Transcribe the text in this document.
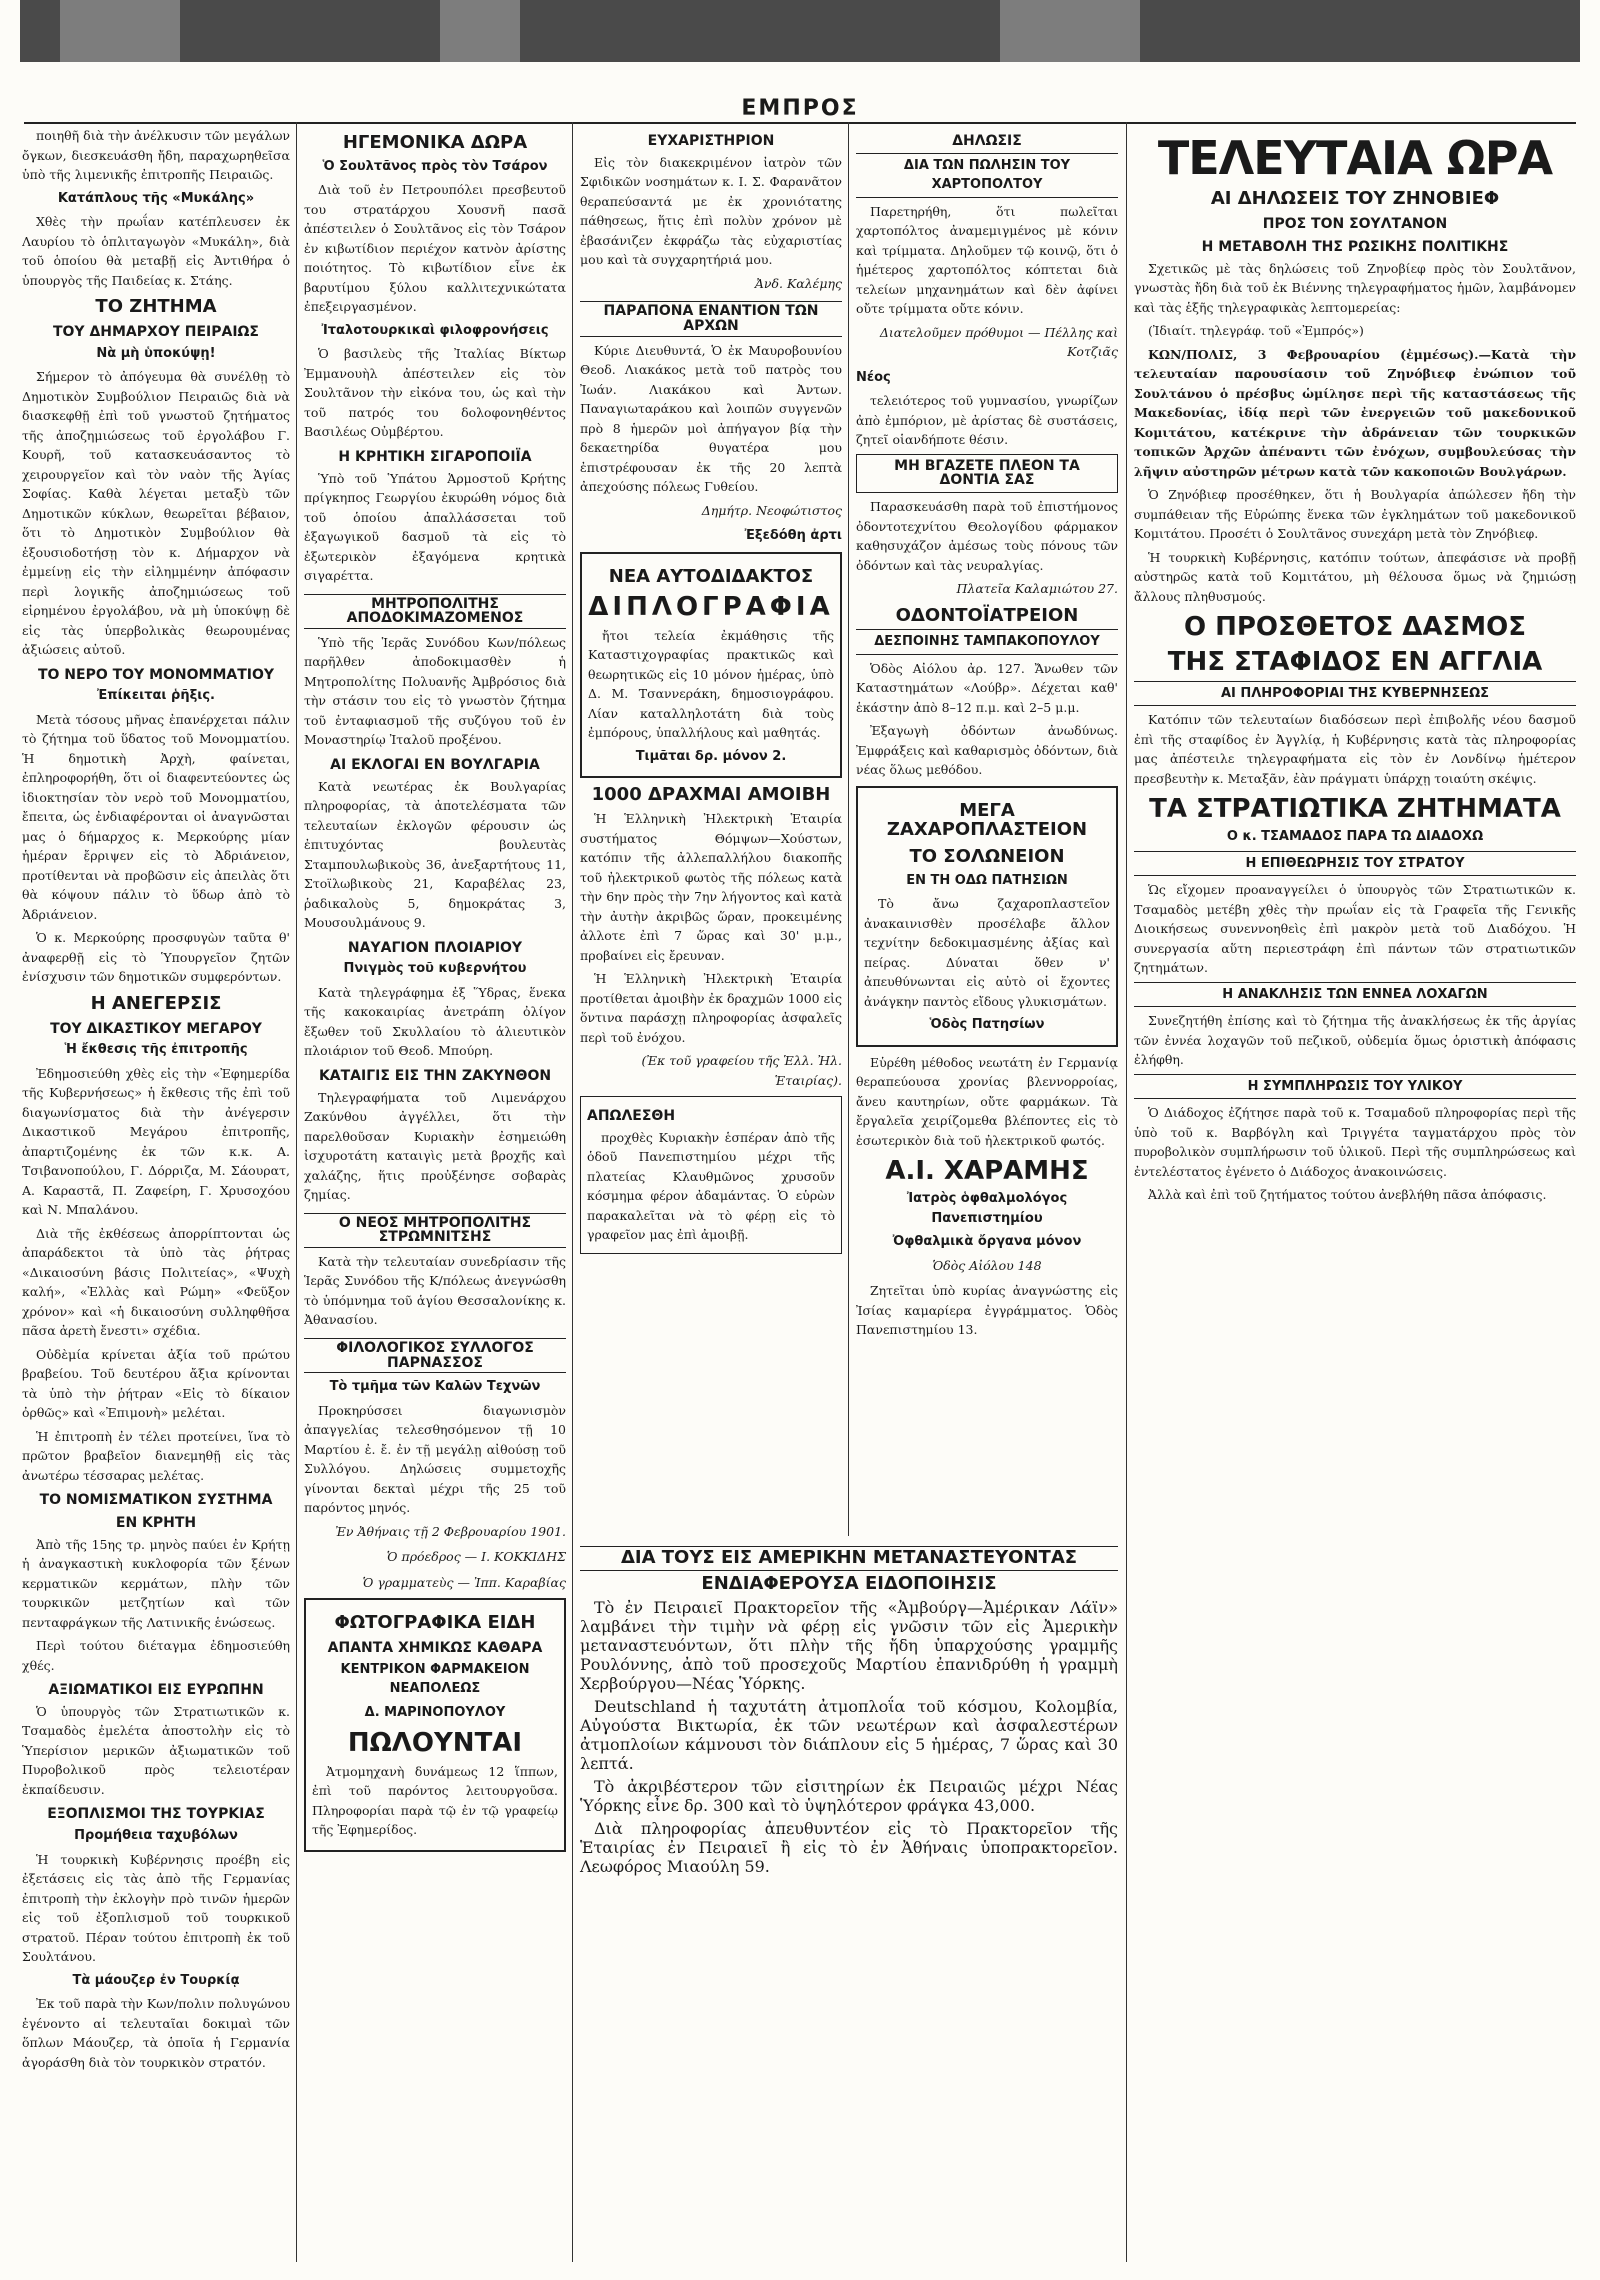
ΕΜΠΡΟΣ

ποιηθῆ διὰ τὴν ἀνέλκυσιν τῶν μεγάλων ὄγκων, διεσκευάσθη ἤδη, παραχωρηθεῖσα ὑπὸ τῆς λιμενικῆς ἐπιτροπῆς Πειραιῶς.

Κατάπλους τῆς «Μυκάλης»

Χθὲς τὴν πρωΐαν κατέπλευσεν ἐκ Λαυρίου τὸ ὁπλιταγωγὸν «Μυκάλη», διὰ τοῦ ὁποίου θὰ μεταβῇ εἰς Ἀντιθήρα ὁ ὑπουργὸς τῆς Παιδείας κ. Στάης.

ΤΟ ΖΗΤΗΜΑ
ΤΟΥ ΔΗΜΑΡΧΟΥ ΠΕΙΡΑΙΩΣ
Νὰ μὴ ὑποκύψῃ!

Σήμερον τὸ ἀπόγευμα θὰ συνέλθῃ τὸ Δημοτικὸν Συμβούλιον Πειραιῶς διὰ νὰ διασκεφθῇ ἐπὶ τοῦ γνωστοῦ ζητήματος τῆς ἀποζημιώσεως τοῦ ἐργολάβου Γ. Κουρῆ, τοῦ κατασκευάσαντος τὸ χειρουργεῖον καὶ τὸν ναὸν τῆς Ἁγίας Σοφίας. Καθὰ λέγεται μεταξὺ τῶν Δημοτικῶν κύκλων, θεωρεῖται βέβαιον, ὅτι τὸ Δημοτικὸν Συμβούλιον θὰ ἐξουσιοδοτήσῃ τὸν κ. Δήμαρχον νὰ ἐμμείνῃ εἰς τὴν εἰλημμένην ἀπόφασιν περὶ λογικῆς ἀποζημιώσεως τοῦ εἰρημένου ἐργολάβου, νὰ μὴ ὑποκύψῃ δὲ εἰς τὰς ὑπερβολικὰς θεωρουμένας ἀξιώσεις αὐτοῦ.

ΤΟ ΝΕΡΟ ΤΟΥ ΜΟΝΟΜΜΑΤΙΟΥ
Ἐπίκειται ῥῆξις.

Μετὰ τόσους μῆνας ἐπανέρχεται πάλιν τὸ ζήτημα τοῦ ὕδατος τοῦ Μονομματίου. Ἡ δημοτικὴ Ἀρχὴ, φαίνεται, ἐπληροφορήθη, ὅτι οἱ διαφεντεύοντες ὡς ἰδιοκτησίαν τὸν νερὸ τοῦ Μονομματίου, ἔπειτα, ὡς ἐνδιαφέρονται οἱ ἀναγνῶσται μας ὁ δήμαρχος κ. Μερκούρης μίαν ἡμέραν ἔρριψεν εἰς τὸ Ἀδριάνειον, προτίθενται νὰ προβῶσιν εἰς ἀπειλὰς ὅτι θὰ κόψουν πάλιν τὸ ὕδωρ ἀπὸ τὸ Ἀδριάνειον.

Ὁ κ. Μερκούρης προσφυγὼν ταῦτα θ' ἀναφερθῇ εἰς τὸ Ὑπουργεῖον ζητῶν ἐνίσχυσιν τῶν δημοτικῶν συμφερόντων.

Η ΑΝΕΓΕΡΣΙΣ
ΤΟΥ ΔΙΚΑΣΤΙΚΟΥ ΜΕΓΑΡΟΥ
Ἡ ἔκθεσις τῆς ἐπιτροπῆς

Ἐδημοσιεύθη χθὲς εἰς τὴν «Ἐφημερίδα τῆς Κυβερνήσεως» ἡ ἔκθεσις τῆς ἐπὶ τοῦ διαγωνίσματος διὰ τὴν ἀνέγερσιν Δικαστικοῦ Μεγάρου ἐπιτροπῆς, ἀπαρτιζομένης ἐκ τῶν κ.κ. Α. Τσιβανοπούλου, Γ. Δόρριζα, Μ. Σάουρατ, Α. Καραστᾶ, Π. Ζαφείρη, Γ. Χρυσοχόου καὶ Ν. Μπαλάνου.

Διὰ τῆς ἐκθέσεως ἀπορρίπτονται ὡς ἀπαράδεκτοι τὰ ὑπὸ τὰς ῥήτρας «Δικαιοσύνη βάσις Πολιτείας», «Ψυχὴ καλή», «Ἑλλὰς καὶ Ρώμη» «Φεῦξον χρόνον» καὶ «ἡ δικαιοσύνη συλληφθῆσα πᾶσα ἀρετὴ ἔνεστι» σχέδια.

Οὐδὲμία κρίνεται ἀξία τοῦ πρώτου βραβείου. Τοῦ δευτέρου ἄξια κρίνονται τὰ ὑπὸ τὴν ῥήτραν «Εἰς τὸ δίκαιον ὀρθῶς» καὶ «Ἐπιμονὴ» μελέται.

Ἡ ἐπιτροπὴ ἐν τέλει προτείνει, ἵνα τὸ πρῶτον βραβεῖον διανεμηθῇ εἰς τὰς ἀνωτέρω τέσσαρας μελέτας.

ΤΟ ΝΟΜΙΣΜΑΤΙΚΟΝ ΣΥΣΤΗΜΑ
ΕΝ ΚΡΗΤΗ

Ἀπὸ τῆς 15ης τρ. μηνὸς παύει ἐν Κρήτῃ ἡ ἀναγκαστικὴ κυκλοφορία τῶν ξένων κερματικῶν κερμάτων, πλὴν τῶν τουρκικῶν μετζητίων καὶ τῶν πενταφράγκων τῆς Λατινικῆς ἑνώσεως.

Περὶ τούτου διέταγμα ἐδημοσιεύθη χθές.

ΑΞΙΩΜΑΤΙΚΟΙ ΕΙΣ ΕΥΡΩΠΗΝ

Ὁ ὑπουργὸς τῶν Στρατιωτικῶν κ. Τσαμαδὸς ἐμελέτα ἀποστολὴν εἰς τὸ Ὑπερίσιον μερικῶν ἀξιωματικῶν τοῦ Πυροβολικοῦ πρὸς τελειοτέραν ἐκπαίδευσιν.

ΕΞΟΠΛΙΣΜΟΙ ΤΗΣ ΤΟΥΡΚΙΑΣ
Προμήθεια ταχυβόλων

Ἡ τουρκικὴ Κυβέρνησις προέβη εἰς ἐξετάσεις εἰς τὰς ἀπὸ τῆς Γερμανίας ἐπιτροπὴ τὴν ἐκλογὴν πρὸ τινῶν ἡμερῶν εἰς τοῦ ἐξοπλισμοῦ τοῦ τουρκικοῦ στρατοῦ. Πέραν τούτου ἐπιτροπὴ ἐκ τοῦ Σουλτάνου.

Τὰ μάουζερ ἐν Τουρκίᾳ

Ἐκ τοῦ παρὰ τὴν Κων/πολιν πολυγώνου ἐγένοντο αἱ τελευταῖαι δοκιμαὶ τῶν ὅπλων Μάουζερ, τὰ ὁποῖα ἡ Γερμανία ἀγοράσθη διὰ τὸν τουρκικὸν στρατόν.

ΗΓΕΜΟΝΙΚΑ ΔΩΡΑ
Ὁ Σουλτᾶνος πρὸς τὸν Τσάρον

Διὰ τοῦ ἐν Πετρουπόλει πρεσβευτοῦ του στρατάρχου Χουσνῆ πασᾶ ἀπέστειλεν ὁ Σουλτᾶνος εἰς τὸν Τσάρον ἐν κιβωτίδιον περιέχον κατνὸν ἀρίστης ποιότητος. Τὸ κιβωτίδιον εἶνε ἐκ βαρυτίμου ξύλου καλλιτεχνικώτατα ἐπεξειργασμένον.

Ἰταλοτουρκικαὶ φιλοφρονήσεις

Ὁ βασιλεὺς τῆς Ἰταλίας Βίκτωρ Ἐμμανουὴλ ἀπέστειλεν εἰς τὸν Σουλτᾶνον τὴν εἰκόνα του, ὡς καὶ τὴν τοῦ πατρός του δολοφονηθέντος Βασιλέως Οὐμβέρτου.

Η ΚΡΗΤΙΚΗ ΣΙΓΑΡΟΠΟΙΪΑ

Ὑπὸ τοῦ Ὑπάτου Ἁρμοστοῦ Κρήτης πρίγκηπος Γεωργίου ἐκυρώθη νόμος διὰ τοῦ ὁποίου ἀπαλλάσσεται τοῦ ἐξαγωγικοῦ δασμοῦ τὰ εἰς τὸ ἐξωτερικὸν ἐξαγόμενα κρητικὰ σιγαρέττα.

ΜΗΤΡΟΠΟΛΙΤΗΣ ΑΠΟΔΟΚΙΜΑΖΟΜΕΝΟΣ

Ὑπὸ τῆς Ἱερᾶς Συνόδου Κων/πόλεως παρῆλθεν ἀποδοκιμασθὲν ἡ Μητροπολίτης Πολυανῆς Ἀμβρόσιος διὰ τὴν στάσιν του εἰς τὸ γνωστὸν ζήτημα τοῦ ἐνταφιασμοῦ τῆς συζύγου τοῦ ἐν Μοναστηρίῳ Ἰταλοῦ προξένου.

ΑΙ ΕΚΛΟΓΑΙ ΕΝ ΒΟΥΛΓΑΡΙΑ

Κατὰ νεωτέρας ἐκ Βουλγαρίας πληροφορίας, τὰ ἀποτελέσματα τῶν τελευταίων ἐκλογῶν φέρουσιν ὡς ἐπιτυχόντας βουλευτὰς Σταμπουλωβικοὺς 36, ἀνεξαρτήτους 11, Στοϊλωβικοὺς 21, Καραβέλας 23, ῥαδικαλοὺς 5, δημοκράτας 3, Μουσουλμάνους 9.

ΝΑΥΑΓΙΟΝ ΠΛΟΙΑΡΙΟΥ
Πνιγμὸς τοῦ κυβερνήτου

Κατὰ τηλεγράφημα ἐξ Ὕδρας, ἕνεκα τῆς κακοκαιρίας ἀνετράπη ὀλίγον ἔξωθεν τοῦ Σκυλλαίου τὸ ἁλιευτικὸν πλοιάριον τοῦ Θεοδ. Μπούρη.

ΚΑΤΑΙΓΙΣ ΕΙΣ ΤΗΝ ΖΑΚΥΝΘΟΝ

Τηλεγραφήματα τοῦ Λιμενάρχου Ζακύνθου ἀγγέλλει, ὅτι τὴν παρελθοῦσαν Κυριακὴν ἐσημειώθη ἰσχυροτάτη καταιγὶς μετὰ βροχῆς καὶ χαλάζης, ἥτις προὐξένησε σοβαρὰς ζημίας.

Ο ΝΕΟΣ ΜΗΤΡΟΠΟΛΙΤΗΣ ΣΤΡΩΜΝΙΤΣΗΣ

Κατὰ τὴν τελευταίαν συνεδρίασιν τῆς Ἱερᾶς Συνόδου τῆς Κ/πόλεως ἀνεγνώσθη τὸ ὑπόμνημα τοῦ ἁγίου Θεσσαλονίκης κ. Ἀθανασίου.

ΦΙΛΟΛΟΓΙΚΟΣ ΣΥΛΛΟΓΟΣ ΠΑΡΝΑΣΣΟΣ
Τὸ τμῆμα τῶν Καλῶν Τεχνῶν

Προκηρύσσει διαγωνισμὸν ἀπαγγελίας τελεσθησόμενον τῇ 10 Μαρτίου ἐ. ἔ. ἐν τῇ μεγάλῃ αἰθούσῃ τοῦ Συλλόγου. Δηλώσεις συμμετοχῆς γίνονται δεκταὶ μέχρι τῆς 25 τοῦ παρόντος μηνός.

Ἐν Ἀθήναις τῇ 2 Φεβρουαρίου 1901.
Ὁ πρόεδρος — Ι. ΚΟΚΚΙΔΗΣ
Ὁ γραμματεὺς — Ἰππ. Καραβίας
ΦΩΤΟΓΡΑΦΙΚΑ ΕΙΔΗ
ΑΠΑΝΤΑ ΧΗΜΙΚΩΣ ΚΑΘΑΡΑ
ΚΕΝΤΡΙΚΟΝ ΦΑΡΜΑΚΕΙΟΝ ΝΕΑΠΟΛΕΩΣ
Δ. ΜΑΡΙΝΟΠΟΥΛΟΥ
ΠΩΛΟΥΝΤΑΙ

Ἀτμομηχανὴ δυνάμεως 12 ἵππων, ἐπὶ τοῦ παρόντος λειτουργοῦσα. Πληροφορίαι παρὰ τῷ ἐν τῷ γραφείῳ τῆς Ἐφημερίδος.

ΕΥΧΑΡΙΣΤΗΡΙΟΝ

Εἰς τὸν διακεκριμένον ἰατρὸν τῶν Σφιδικῶν νοσημάτων κ. Ι. Σ. Φαρανᾶτον θεραπεύσαντά με ἐκ χρονιότατης πάθησεως, ἥτις ἐπὶ πολὺν χρόνον μὲ ἐβασάνιζεν ἐκφράζω τὰς εὐχαριστίας μου καὶ τὰ συγχαρητήριά μου.

Ἀνδ. Καλέμης
ΠΑΡΑΠΟΝΑ ΕΝΑΝΤΙΟΝ ΤΩΝ ΑΡΧΩΝ

Κύριε Διευθυντά, Ὁ ἐκ Μαυροβουνίου Θεοδ. Λιακάκος μετὰ τοῦ πατρὸς του Ἰωάν. Λιακάκου καὶ Ἀντων. Παναγιωταράκου καὶ λοιπῶν συγγενῶν πρὸ 8 ἡμερῶν μοὶ ἀπήγαγον βίᾳ τὴν δεκαετηρίδα θυγατέρα μου ἐπιστρέφουσαν ἐκ τῆς 20 λεπτὰ ἀπεχούσης πόλεως Γυθείου.

Δημήτρ. Νεοφώτιστος
Ἐξεδόθη ἀρτι
ΝΕΑ ΑΥΤΟΔΙΔΑΚΤΟΣ
ΔΙΠΛΟΓΡΑΦΙΑ

ἤτοι τελεία ἐκμάθησις τῆς Καταστιχογραφίας πρακτικῶς καὶ θεωρητικῶς εἰς 10 μόνον ἡμέρας, ὑπὸ Δ. Μ. Τσαννεράκη, δημοσιογράφου. Λίαν καταλληλοτάτη διὰ τοὺς ἐμπόρους, ὑπαλλήλους καὶ μαθητάς.

Τιμᾶται δρ. μόνον 2.
1000 ΔΡΑΧΜΑΙ ΑΜΟΙΒΗ

Ἡ Ἑλληνικὴ Ἠλεκτρικὴ Ἑταιρία συστήματος Θόμψων—Χούστων, κατόπιν τῆς ἀλλεπαλλήλου διακοπῆς τοῦ ἠλεκτρικοῦ φωτὸς τῆς πόλεως κατὰ τὴν 6ην πρὸς τὴν 7ην λήγοντος καὶ κατὰ τὴν ἀυτὴν ἀκριβῶς ὥραν, προκειμένης ἀλλοτε ἐπὶ 7 ὥρας καὶ 30' μ.μ., προβαίνει εἰς ἔρευναν.

Ἡ Ἑλληνικὴ Ἠλεκτρικὴ Ἑταιρία προτίθεται ἀμοιβὴν ἐκ δραχμῶν 1000 εἰς ὅντινα παράσχῃ πληροφορίας ἀσφαλεῖς περὶ τοῦ ἐνόχου.

(Ἐκ τοῦ γραφείου τῆς Ἑλλ. Ἠλ. Ἑταιρίας).
ΑΠΩΛΕΣΘΗ

προχθὲς Κυριακὴν ἑσπέραν ἀπὸ τῆς ὁδοῦ Πανεπιστημίου μέχρι τῆς πλατείας Κλαυθμῶνος χρυσοῦν κόσμημα φέρον ἀδαμάντας. Ὁ εὑρὼν παρακαλεῖται νὰ τὸ φέρῃ εἰς τὸ γραφεῖον μας ἐπὶ ἀμοιβῇ.

ΔΗΛΩΣΙΣ
ΔΙΑ ΤΩΝ ΠΩΛΗΣΙΝ ΤΟΥ ΧΑΡΤΟΠΟΛΤΟΥ

Παρετηρήθη, ὅτι πωλεῖται χαρτοπόλτος ἀναμεμιγμένος μὲ κόνιν καὶ τρίμματα. Δηλοῦμεν τῷ κοινῷ, ὅτι ὁ ἡμέτερος χαρτοπόλτος κόπτεται διὰ τελείων μηχανημάτων καὶ δὲν ἀφίνει οὔτε τρίμματα οὔτε κόνιν.

Διατελοῦμεν πρόθυμοι — Πέλλης καὶ Κοτζιᾶς
Νέος

τελειότερος τοῦ γυμνασίου, γνωρίζων ἀπὸ ἐμπόριον, μὲ ἀρίστας δὲ συστάσεις, ζητεῖ οἱανδήποτε θέσιν.

ΜΗ ΒΓΑΖΕΤΕ ΠΛΕΟΝ ΤΑ ΔΟΝΤΙΑ ΣΑΣ

Παρασκευάσθη παρὰ τοῦ ἐπιστήμονος ὀδοντοτεχνίτου Θεολογίδου φάρμακον καθησυχάζον ἀμέσως τοὺς πόνους τῶν ὀδόντων καὶ τὰς νευραλγίας.

Πλατεῖα Καλαμιώτου 27.
ΟΔΟΝΤΟΪΑΤΡΕΙΟΝ
ΔΕΣΠΟΙΝΗΣ ΤΑΜΠΑΚΟΠΟΥΛΟΥ

Ὁδὸς Αἰόλου ἀρ. 127. Ἄνωθεν τῶν Καταστημάτων «Λούβρ». Δέχεται καθ' ἑκάστην ἀπὸ 8–12 π.μ. καὶ 2–5 μ.μ.

Ἐξαγωγὴ ὀδόντων ἀνωδύνως. Ἐμφράξεις καὶ καθαρισμὸς ὀδόντων, διὰ νέας ὅλως μεθόδου.

ΜΕΓΑ ΖΑΧΑΡΟΠΛΑΣΤΕΙΟΝ
ΤΟ ΣΟΛΩΝΕΙΟΝ
ΕΝ ΤΗ ΟΔΩ ΠΑΤΗΣΙΩΝ

Τὸ ἄνω ζαχαροπλαστεῖον ἀνακαινισθὲν προσέλαβε ἄλλον τεχνίτην δεδοκιμασμένης ἀξίας καὶ πείρας. Δύναται ὅθεν ν' ἀπευθύνωνται εἰς αὐτὸ οἱ ἔχοντες ἀνάγκην παντὸς εἴδους γλυκισμάτων.

Ὁδὸς Πατησίων

Εὑρέθη μέθοδος νεωτάτη ἐν Γερμανίᾳ θεραπεύουσα χρονίας βλεννορροίας, ἄνευ καυτηρίων, οὔτε φαρμάκων. Τὰ ἔργαλεῖα χειρίζομεθα βλέποντες εἰς τὸ ἐσωτερικὸν διὰ τοῦ ἠλεκτρικοῦ φωτός.

Α.Ι. ΧΑΡΑΜΗΣ
Ἰατρὸς ὁφθαλμολόγος Πανεπιστημίου
Ὀφθαλμικὰ ὄργανα μόνον
Ὁδὸς Αἰόλου 148

Ζητεῖται ὑπὸ κυρίας ἀναγνώστης εἰς Ἰσίας καμαρίερα ἐγγράμματος. Ὁδὸς Πανεπιστημίου 13.

ΔΙΑ ΤΟΥΣ ΕΙΣ ΑΜΕΡΙΚΗΝ ΜΕΤΑΝΑΣΤΕΥΟΝΤΑΣ
ΕΝΔΙΑΦΕΡΟΥΣΑ ΕΙΔΟΠΟΙΗΣΙΣ

Τὸ ἐν Πειραιεῖ Πρακτορεῖον τῆς «Ἀμβούργ—Ἀμέρικαν Λάϊν» λαμβάνει τὴν τιμὴν νὰ φέρῃ εἰς γνῶσιν τῶν εἰς Ἀμερικὴν μεταναστευόντων, ὅτι πλὴν τῆς ἤδη ὑπαρχούσης γραμμῆς Ρουλόννης, ἀπὸ τοῦ προσεχοῦς Μαρτίου ἐπανιδρύθη ἡ γραμμὴ Χερβούργου—Νέας Ὑόρκης.

Deutschland ἡ ταχυτάτη ἀτμοπλοΐα τοῦ κόσμου, Κολομβία, Αὐγούστα Βικτωρία, ἐκ τῶν νεωτέρων καὶ ἀσφαλεστέρων ἀτμοπλοίων κάμνουσι τὸν διάπλουν εἰς 5 ἡμέρας, 7 ὥρας καὶ 30 λεπτά.

Τὸ ἀκριβέστερον τῶν εἰσιτηρίων ἐκ Πειραιῶς μέχρι Νέας Ὑόρκης εἶνε δρ. 300 καὶ τὸ ὑψηλότερον φράγκα 43,000.

Διὰ πληροφορίας ἀπευθυντέον εἰς τὸ Πρακτορεῖον τῆς Ἑταιρίας ἐν Πειραιεῖ ἢ εἰς τὸ ἐν Ἀθήναις ὑποπρακτορεῖον. Λεωφόρος Μιαούλη 59.

ΤΕΛΕΥΤΑΙΑ ΩΡΑ
ΑΙ ΔΗΛΩΣΕΙΣ ΤΟΥ ΖΗΝΟΒΙΕΦ
ΠΡΟΣ ΤΟΝ ΣΟΥΛΤΑΝΟΝ
Η ΜΕΤΑΒΟΛΗ ΤΗΣ ΡΩΣΙΚΗΣ ΠΟΛΙΤΙΚΗΣ

Σχετικῶς μὲ τὰς δηλώσεις τοῦ Ζηνοβίεφ πρὸς τὸν Σουλτᾶνον, γνωστὰς ἤδη διὰ τοῦ ἐκ Βιέννης τηλεγραφήματος ἡμῶν, λαμβάνομεν καὶ τὰς ἑξῆς τηλεγραφικὰς λεπτομερείας:

(Ἰδιαίτ. τηλεγράφ. τοῦ «Ἐμπρός»)

ΚΩΝ/ΠΟΛΙΣ, 3 Φεβρουαρίου (ἐμμέσως).—Κατὰ τὴν τελευταίαν παρουσίασιν τοῦ Ζηνόβιεφ ἐνώπιον τοῦ Σουλτάνου ὁ πρέσβυς ὡμίλησε περὶ τῆς καταστάσεως τῆς Μακεδονίας, ἰδίᾳ περὶ τῶν ἐνεργειῶν τοῦ μακεδονικοῦ Κομιτάτου, κατέκρινε τὴν ἀδράνειαν τῶν τουρκικῶν τοπικῶν Ἀρχῶν ἀπέναντι τῶν ἐνόχων, συμβουλεύσας τὴν λῆψιν αὐστηρῶν μέτρων κατὰ τῶν κακοποιῶν Βουλγάρων.

Ὁ Ζηνόβιεφ προσέθηκεν, ὅτι ἡ Βουλγαρία ἀπώλεσεν ἤδη τὴν συμπάθειαν τῆς Εὐρώπης ἕνεκα τῶν ἐγκλημάτων τοῦ μακεδονικοῦ Κομιτάτου. Προσέτι ὁ Σουλτᾶνος συνεχάρη μετὰ τὸν Ζηνόβιεφ.

Ἡ τουρκικὴ Κυβέρνησις, κατόπιν τούτων, ἀπεφάσισε νὰ προβῇ αὐστηρῶς κατὰ τοῦ Κομιτάτου, μὴ θέλουσα ὅμως νὰ ζημιώσῃ ἄλλους πληθυσμούς.

Ο ΠΡΟΣΘΕΤΟΣ ΔΑΣΜΟΣ
ΤΗΣ ΣΤΑΦΙΔΟΣ ΕΝ ΑΓΓΛΙΑ
ΑΙ ΠΛΗΡΟΦΟΡΙΑΙ ΤΗΣ ΚΥΒΕΡΝΗΣΕΩΣ

Κατόπιν τῶν τελευταίων διαδόσεων περὶ ἐπιβολῆς νέου δασμοῦ ἐπὶ τῆς σταφίδος ἐν Ἀγγλίᾳ, ἡ Κυβέρνησις κατὰ τὰς πληροφορίας μας ἀπέστειλε τηλεγραφήματα εἰς τὸν ἐν Λονδίνῳ ἡμέτερον πρεσβευτὴν κ. Μεταξᾶν, ἐὰν πράγματι ὑπάρχῃ τοιαύτη σκέψις.

ΤΑ ΣΤΡΑΤΙΩΤΙΚΑ ΖΗΤΗΜΑΤΑ
Ο κ. ΤΣΑΜΑΔΟΣ ΠΑΡΑ ΤΩ ΔΙΑΔΟΧΩ
Η ΕΠΙΘΕΩΡΗΣΙΣ ΤΟΥ ΣΤΡΑΤΟΥ

Ὡς εἴχομεν προαναγγείλει ὁ ὑπουργὸς τῶν Στρατιωτικῶν κ. Τσαμαδὸς μετέβη χθὲς τὴν πρωΐαν εἰς τὰ Γραφεῖα τῆς Γενικῆς Διοικήσεως συνεννοηθεὶς ἐπὶ μακρὸν μετὰ τοῦ Διαδόχου. Ἡ συνεργασία αὕτη περιεστράφη ἐπὶ πάντων τῶν στρατιωτικῶν ζητημάτων.

Η ΑΝΑΚΛΗΣΙΣ ΤΩΝ ΕΝΝΕΑ ΛΟΧΑΓΩΝ

Συνεζητήθη ἐπίσης καὶ τὸ ζήτημα τῆς ἀνακλήσεως ἐκ τῆς ἀργίας τῶν ἐννέα λοχαγῶν τοῦ πεζικοῦ, οὐδεμία ὅμως ὁριστικὴ ἀπόφασις ἐλήφθη.

Η ΣΥΜΠΛΗΡΩΣΙΣ ΤΟΥ ΥΛΙΚΟΥ

Ὁ Διάδοχος ἐζήτησε παρὰ τοῦ κ. Τσαμαδοῦ πληροφορίας περὶ τῆς ὑπὸ τοῦ κ. Βαρβόγλη καὶ Τριγγέτα ταγματάρχου πρὸς τὸν πυροβολικὸν συμπλήρωσιν τοῦ ὑλικοῦ. Περὶ τῆς συμπληρώσεως καὶ ἐντελέστατος ἐγένετο ὁ Διάδοχος ἀνακοινώσεις.

Ἀλλὰ καὶ ἐπὶ τοῦ ζητήματος τούτου ἀνεβλήθη πᾶσα ἀπόφασις.
